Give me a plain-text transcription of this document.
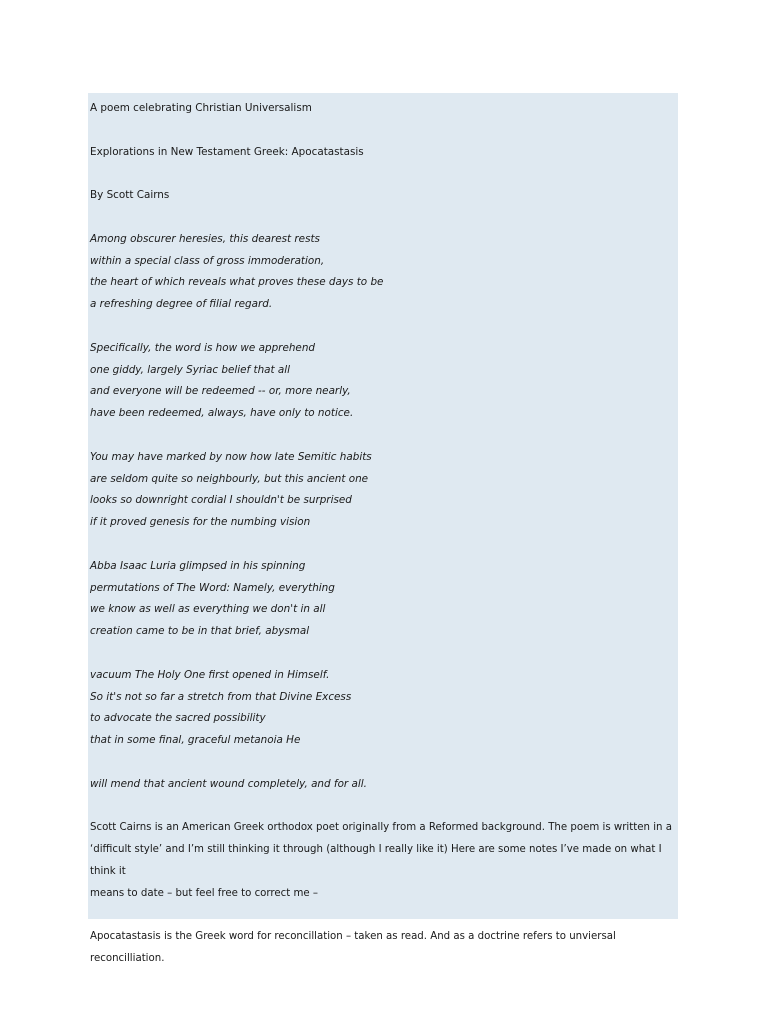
A poem celebrating Christian Universalism

Explorations in New Testament Greek: Apocatastasis

By Scott Cairns

Among obscurer heresies, this dearest rests

within a special class of gross immoderation,

the heart of which reveals what proves these days to be

a refreshing degree of filial regard.

Specifically, the word is how we apprehend

one giddy, largely Syriac belief that all

and everyone will be redeemed -- or, more nearly,

have been redeemed, always, have only to notice.

You may have marked by now how late Semitic habits

are seldom quite so neighbourly, but this ancient one

looks so downright cordial I shouldn't be surprised

if it proved genesis for the numbing vision

Abba Isaac Luria glimpsed in his spinning

permutations of The Word: Namely, everything

we know as well as everything we don't in all

creation came to be in that brief, abysmal

vacuum The Holy One first opened in Himself.

So it's not so far a stretch from that Divine Excess

to advocate the sacred possibility

that in some final, graceful metanoia He

will mend that ancient wound completely, and for all.

Scott Cairns is an American Greek orthodox poet originally from a Reformed background. The poem is written in a

‘difficult style’ and I’m still thinking it through (although I really like it) Here are some notes I’ve made on what I think it

means to date – but feel free to correct me –

Apocatastasis is the Greek word for reconcillation – taken as read. And as a doctrine refers to unviersal reconcilliation.
